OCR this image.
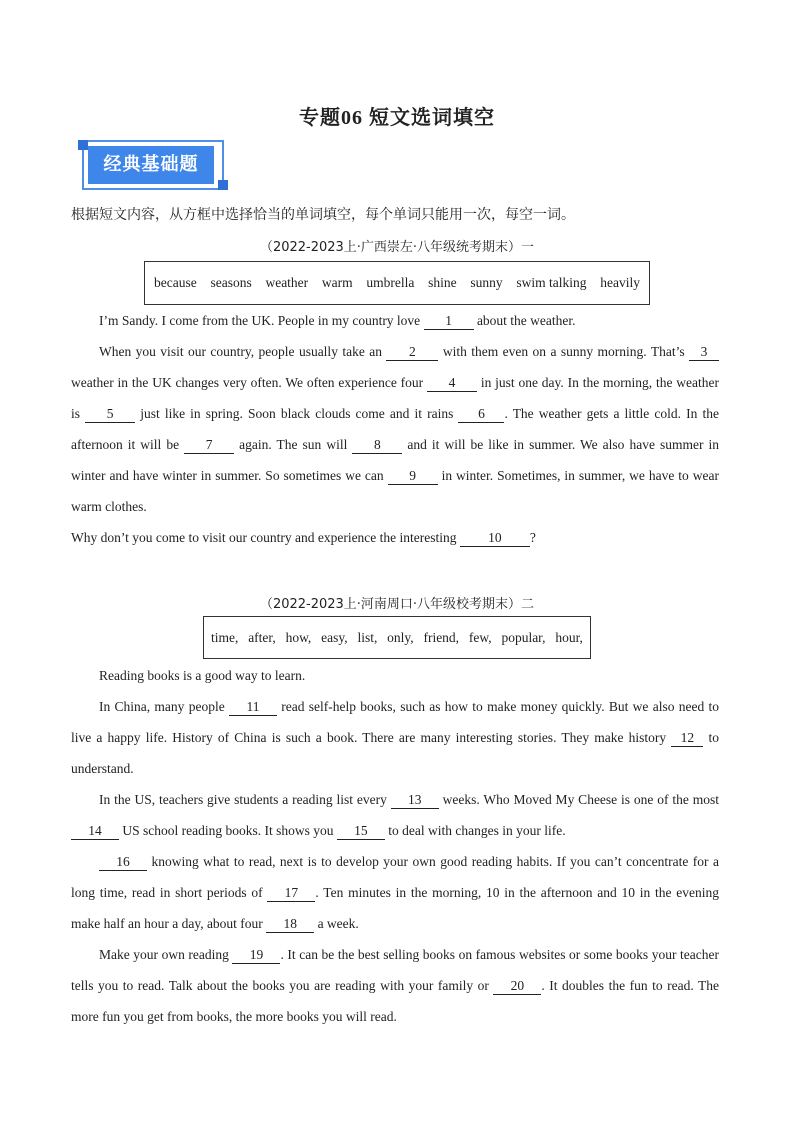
专题06 短文选词填空
经典基础题
根据短文内容，从方框中选择恰当的单词填空，每个单词只能用一次，每空一词。
（2022-2023上·广西崇左·八年级统考期末）一
because seasons weather warm umbrella shine sunny swim talking heavily

I’m Sandy. I come from the UK. People in my country love 1 about the weather.

When you visit our country, people usually take an 2 with them even on a sunny morning. That’s 3 weather in the UK changes very often. We often experience four 4 in just one day. In the morning, the weather is 5 just like in spring. Soon black clouds come and it rains 6 . The weather gets a little cold. In the afternoon it will be 7 again. The sun will 8 and it will be like in summer. We also have summer in winter and have winter in summer. So sometimes we can 9 in winter. Sometimes, in summer, we have to wear warm clothes.

Why don’t you come to visit our country and experience the interesting 10 ?

（2022-2023上·河南周口·八年级校考期末）二
time, after, how, easy, list, only, friend, few, popular, hour,

Reading books is a good way to learn.

In China, many people 11 read self-help books, such as how to make money quickly. But we also need to live a happy life. History of China is such a book. There are many interesting stories. They make history 12 to understand.

In the US, teachers give students a reading list every 13 weeks. Who Moved My Cheese is one of the most 14 US school reading books. It shows you 15 to deal with changes in your life.

16 knowing what to read, next is to develop your own good reading habits. If you can’t concentrate for a long time, read in short periods of 17 . Ten minutes in the morning, 10 in the afternoon and 10 in the evening make half an hour a day, about four 18 a week.

Make your own reading 19 . It can be the best selling books on famous websites or some books your teacher tells you to read. Talk about the books you are reading with your family or 20 . It doubles the fun to read. The more fun you get from books, the more books you will read.
